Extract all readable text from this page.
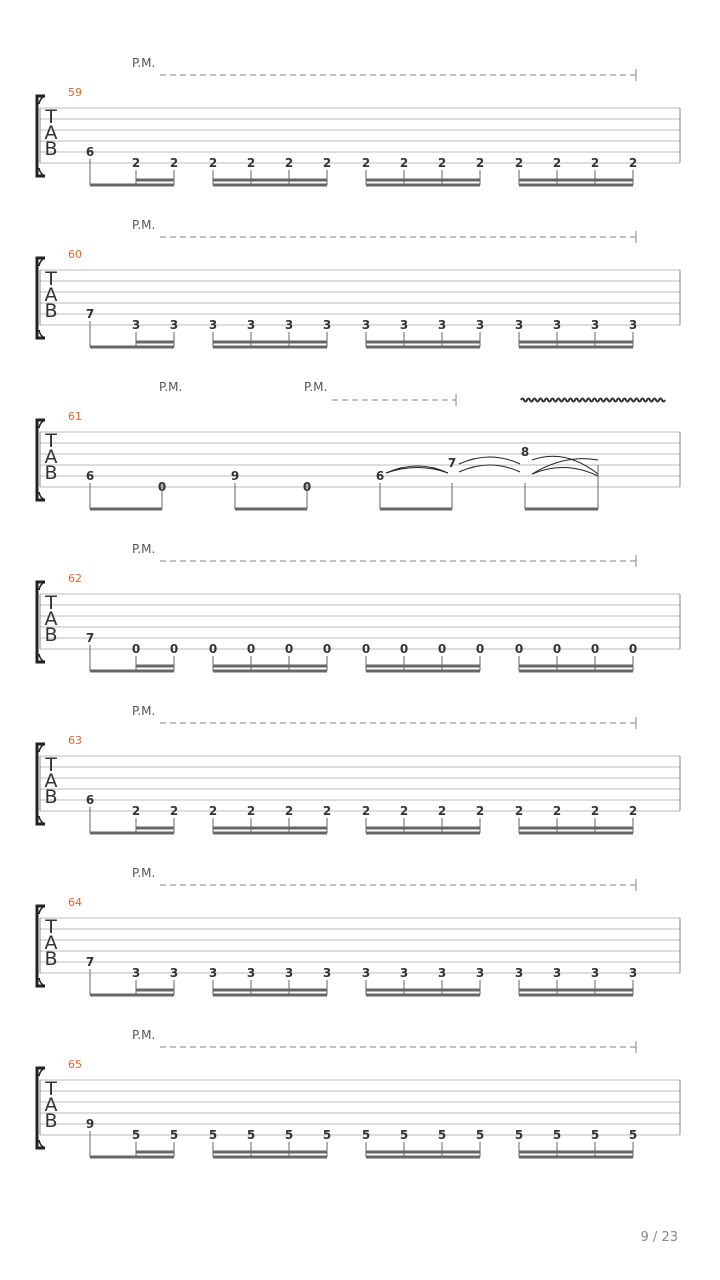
T
A
B
59
P.M.
6
2 2	2 2 2 2	2 2 2 2	2 2 2 2
T
A
B
60
P.M.
7
3 3	3 3 3 3	3 3 3 3	3 3 3 3
T
A
B
61
P.M.	P.M.
6
0
9
0
6
7
8
T
A
B
62
P.M.
7
0 0	0 0 0 0	0 0 0 0	0 0 0 0
T
A
B
63
P.M.
6
2 2	2 2 2 2	2 2 2 2	2 2 2 2
T
A
B
64
P.M.
7
3 3	3 3 3 3	3 3 3 3	3 3 3 3
T
A
B
65
P.M.
9
5 5	5 5 5 5	5 5 5 5	5 5 5 5
9 / 23
